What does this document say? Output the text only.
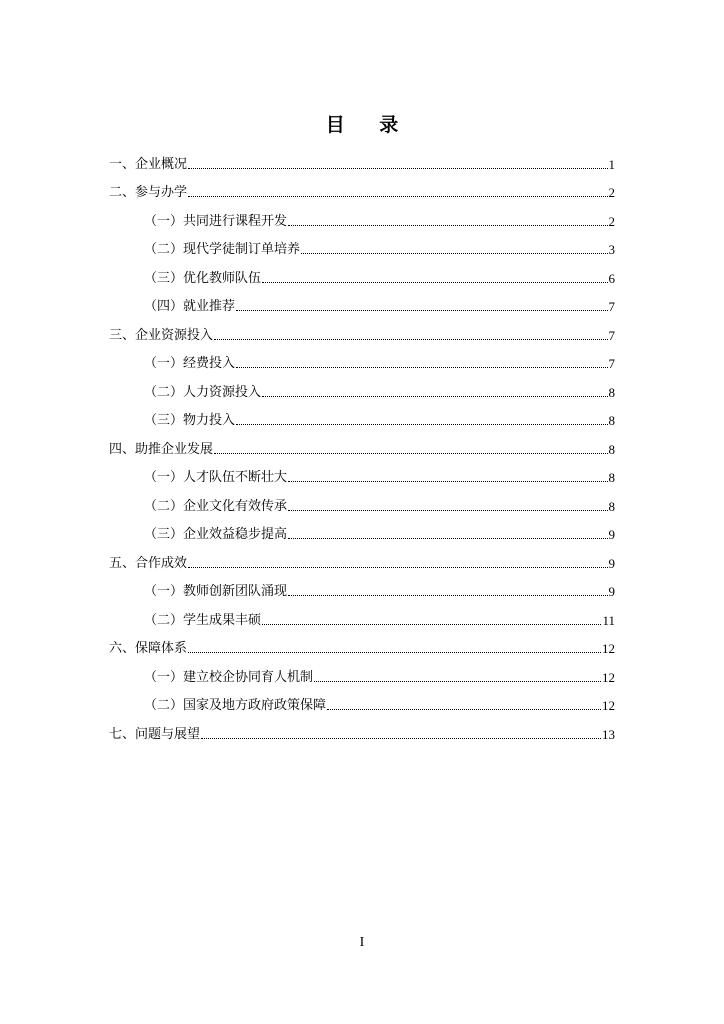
目 录
一、企业概况	1
二、参与办学	2
（一）共同进行课程开发	2
（二）现代学徒制订单培养	3
（三）优化教师队伍	6
（四）就业推荐	7
三、企业资源投入	7
（一）经费投入	7
（二）人力资源投入	8
（三）物力投入	8
四、助推企业发展	8
（一）人才队伍不断壮大	8
（二）企业文化有效传承	8
（三）企业效益稳步提高	9
五、合作成效	9
（一）教师创新团队涌现	9
（二）学生成果丰硕	11
六、保障体系	12
（一）建立校企协同育人机制	12
（二）国家及地方政府政策保障	12
七、问题与展望	13
I
